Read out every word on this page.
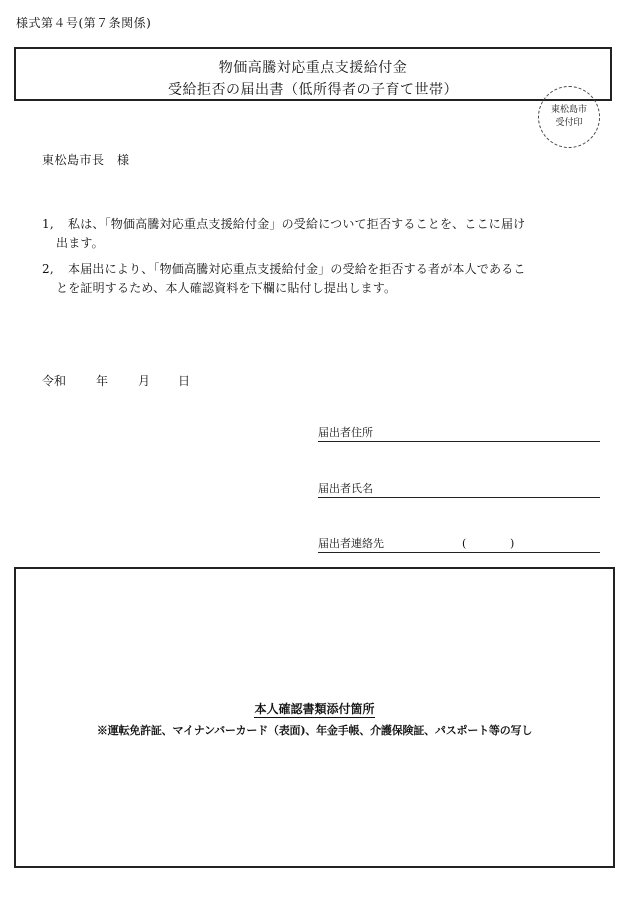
様式第４号(第７条関係)
物価高騰対応重点支援給付金
受給拒否の届出書（低所得者の子育て世帯）
東松島市
受付印
東松島市長　様
1,	私は、「物価高騰対応重点支援給付金」の受給について拒否することを、ここに届け
出ます。
2,	本届出により、「物価高騰対応重点支援給付金」の受給を拒否する者が本人であるこ
とを証明するため、本人確認資料を下欄に貼付し提出します。
令和 年 月 日
届出者住所
届出者氏名
届出者連絡先	(	)
本人確認書類添付箇所
※運転免許証、マイナンバーカード（表面)、年金手帳、介護保険証、パスポート等の写し
